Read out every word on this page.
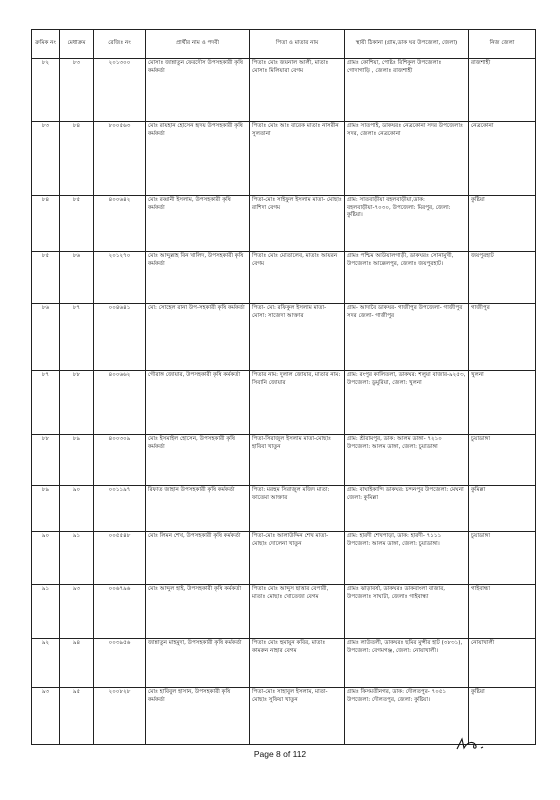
ক্রমিক নং	মেধাক্রম	রেজিঃ নং	প্রার্থীর নাম ও পদবী	পিতা ও মাতার নাম	স্থায়ী ঠিকানা (গ্রাম,ডাক ঘর উপজেলা, জেলা)	নিজ জেলা
৮২	৮৩	২০১৩০০	মোসাঃ জান্নাতুন ফেরদৌস উপসহকারী কৃষি কর্মকর্তা	পিতাঃ মোঃ জয়নাল আলী, মাতাঃ মোসাঃ মিলিয়ারা বেগম	গ্রামঃ কোশিয়া, পোষ্টঃ রিশিকুল উপজেলাঃ গোদাগাড়ি , জেলাঃ রাজশাহী	রাজশাহী
৮৩	৮৪	৮০০৫৬৩	মোঃ রায়হান হোসেন হৃদয় উপসহকারী কৃষি কর্মকর্তা	পিতাঃ মোঃ আঃ বারেক মাতাঃ নাসরীন সুলতানা	গ্রামঃ সাতপাই, ডাকঘরঃ নেত্রকোনা সদর উপজেলাঃ সদর, জেলাঃ নেত্রকোনা	নেত্রকোনা
৮৪	৮৫	৪০০৬৪২	মোঃ রব্বানী ইসলাম, উপসহকারী কৃষি কর্মকর্তা	পিতা-মোঃ সাইফুল ইসলাম মাতা- মোছাঃ রাশিদা বেগম	গ্রাম: সাতবাড়ীয়া বহলবাড়ীয়া,ডাক: বহলবাড়ীয়া-৭০৩০, উপজেলা: মিরপুর, জেলা: কুষ্টিয়া।	কুষ্টিয়া
৮৫	৮৬	২০১২৭০	মোঃ আব্দুল্লাহ বিন খালিদ, উপসহকারী কৃষি কর্মকর্তা	পিতাঃ মোঃ মোতালেব, মাতাঃ আয়রন বেগম	গ্রামঃ পশ্চিম আউয়ালগাড়ী, ডাকঘরঃ সোনামুখী, উপজেলাঃ আক্কেলপুর, জেলাঃ জয়পুরহাট।	জয়পুরহাট
৮৬	৮৭	০০৪৬৪১	মো: সোহেল রানা উপ-সহকারী কৃষি কর্মকর্তা	পিতা- মো: রফিকুল ইসলাম মাতা- মোসা: সাজেদা আক্তার	গ্রাম- আদাবৈ ডাকঘর- গাজীপুর উপজেলা- গাজীপুর সদর জেলা- গাজীপুর	গাজীপুর
৮৭	৮৮	৪০০৬৬২	গৌরাঙ্গ জোয়ার, উপসহকারী কৃষি কর্মকর্তা	পিতার নাম: দুলাল জোয়ার, মাতার নাম: সিবানি জোয়ার	গ্রাম: রংপুর কালিতলা, ডাকঘর: শলুয়া বাজার-৯২৫৩, উপজেলা: ডুমুরিয়া, জেলা: খুলনা	খুলনা
৮৮	৮৯	৪০০৩০৯	মোঃ ইসমাইল হোসেন, উপসহকারী কৃষি কর্মকর্তা	পিতা-সিরাজুল ইসলাম মাতা-মোছাঃ হাবিবা খাতুন	গ্রাম: শ্রীরামপুর, ডাক: আলম ডাঙ্গা- ৭২১০ উপজেলা: আলম ডাঙ্গা, জেলা: চুয়াডাঙ্গা	চুয়াডাঙ্গা
৮৯	৯০	০০১১৯৭	রিফাত জাহান উপসহকারী কৃষি কর্মকর্তা	পিতা: মরহুম সিরাজুল মজিদ মাতা: ফাতেমা আক্তার	গ্রাম: বাঘাইকান্দি ডাকঘর: চন্দনপুর উপজেলা: মেঘনা জেলা: কুমিল্লা	কুমিল্লা
৯০	৯১	০০৫৫৪৮	মোঃ লিমন শেখ, উপসহকারী কৃষি কর্মকর্তা	পিতা-মোঃ আলাউদ্দিন শেখ মাতা-মোছাঃ দোলেনা খাতুন	গ্রাম: হারদী শেখপাড়া, ডাক: হারদী- ৭১১১ উপজেলা: আলম ডাঙ্গা, জেলা: চুয়াডাঙ্গা।	চুয়াডাঙ্গা
৯১	৯৩	০০৬৭৯৬	মোঃ আব্দুল হাই, উপসহকারী কৃষি কর্মকর্তা	পিতাঃ মোঃ আব্দুস ছাত্তার বেপারী, মাতাঃ মোছাঃ খোতেজা বেগম	গ্রামঃ ঝাড়াবর্ষা, ডাকঘরঃ ডাকবাংলা বাজার, উপজেলাঃ সাঘাটা, জেলাঃ গাইবান্ধা	গাইবান্ধা
৯২	৯৪	০০৩৯৫৬	জান্নাতুন মাহমুদা, উপসহকারী কৃষি কর্মকর্তা	পিতাঃ মোঃ হুমায়ুন কবির, মাতাঃ কামরুন নাহার বেগম	গ্রামঃ লাউতলী, ডাকঘরঃ ছমির মুন্সীর হাট (৩৮৩১), উপজেলা: বেগমগঞ্জ, জেলা: নোয়াখালী।	নোয়াখালী
৯৩	৯৫	২০০৮২৮	মোঃ হাবিবুল হাসান, উপসহকারী কৃষি কর্মকর্তা	পিতা-মোঃ সাহাবুল ইসলাম, মাতা-মোছাঃ সুফিয়া খাতুন	গ্রামঃ কিসমতীনগর, ডাক: দৌলতপুর- ৭০৫১ উপজেলা: দৌলতপুর, জেলা: কুষ্টিয়া।	কুষ্টিয়া
Page 8 of 112
